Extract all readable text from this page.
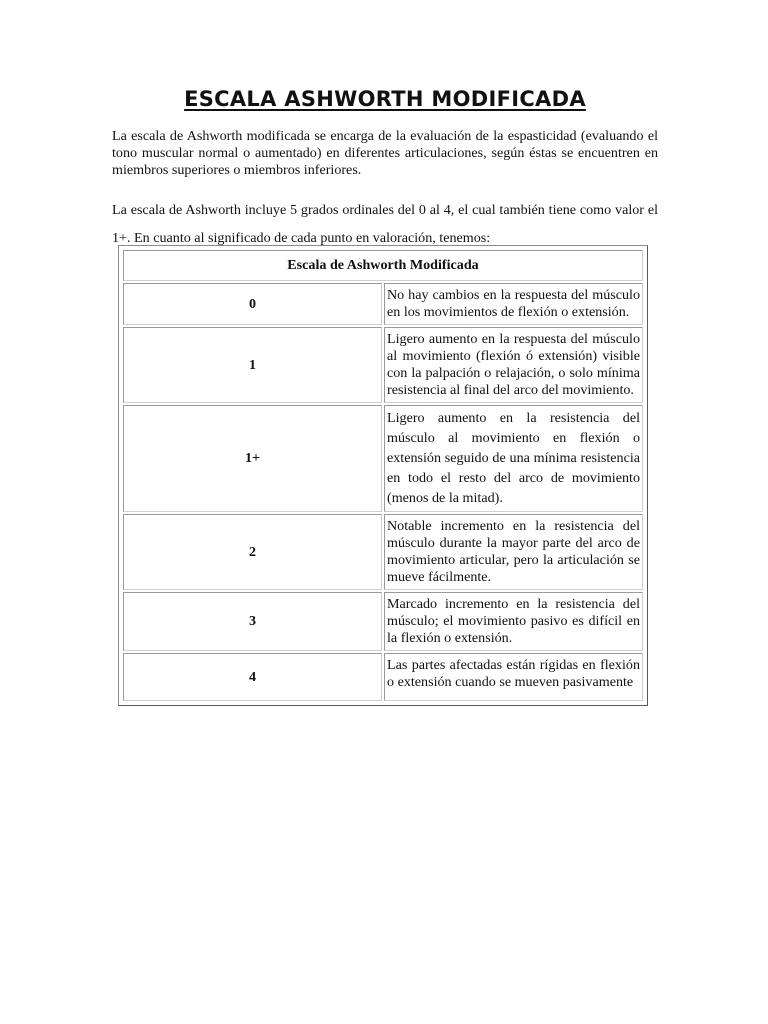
ESCALA ASHWORTH MODIFICADA

La escala de Ashworth modificada se encarga de la evaluación de la espasticidad (evaluando el tono muscular normal o aumentado) en diferentes articulaciones, según éstas se encuentren en miembros superiores o miembros inferiores.

La escala de Ashworth incluye 5 grados ordinales del 0 al 4, el cual también tiene como valor el 1+. En cuanto al significado de cada punto en valoración, tenemos:

Escala de Ashworth Modificada	
0	No hay cambios en la respuesta del músculo en los movimientos de flexión o extensión.
1	Ligero aumento en la respuesta del músculo al movimiento (flexión ó extensión) visible con la palpación o relajación, o solo mínima resistencia al final del arco del movimiento.
1+	Ligero aumento en la resistencia del músculo al movimiento en flexión o extensión seguido de una mínima resistencia en todo el resto del arco de movimiento (menos de la mitad).
2	Notable incremento en la resistencia del músculo durante la mayor parte del arco de movimiento articular, pero la articulación se mueve fácilmente.
3	Marcado incremento en la resistencia del músculo; el movimiento pasivo es difícil en la flexión o extensión.
4	Las partes afectadas están rígidas en flexión o extensión cuando se mueven pasivamente
